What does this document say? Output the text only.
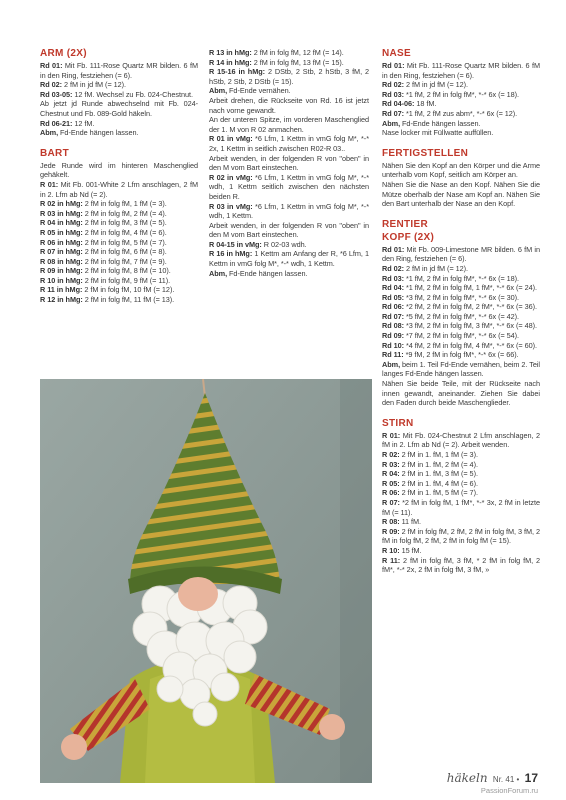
ARM (2X)

Rd 01: Mit Fb. 111-Rose Quartz MR bilden. 6 fM in den Ring, festziehen (= 6).

Rd 02: 2 fM in jd fM (= 12).

Rd 03-05: 12 fM. Wechsel zu Fb. 024-Chestnut.

Ab jetzt jd Runde abwechselnd mit Fb. 024-Chestnut und Fb. 089-Gold häkeln.

Rd 06-21: 12 fM.

Abm, Fd-Ende hängen lassen.

BART

Jede Runde wird im hinteren Maschenglied gehäkelt.

R 01: Mit Fb. 001-White 2 Lfm anschlagen, 2 fM in 2. Lfm ab Nd (= 2).

R 02 in hMg: 2 fM in folg fM, 1 fM (= 3).

R 03 in hMg: 2 fM in folg fM, 2 fM (= 4).

R 04 in hMg: 2 fM in folg fM, 3 fM (= 5).

R 05 in hMg: 2 fM in folg fM, 4 fM (= 6).

R 06 in hMg: 2 fM in folg fM, 5 fM (= 7).

R 07 in hMg: 2 fM in folg fM, 6 fM (= 8).

R 08 in hMg: 2 fM in folg fM, 7 fM (= 9).

R 09 in hMg: 2 fM in folg fM, 8 fM (= 10).

R 10 in hMg: 2 fM in folg fM, 9 fM (= 11).

R 11 in hMg: 2 fM in folg fM, 10 fM (= 12).

R 12 in hMg: 2 fM in folg fM, 11 fM (= 13).

R 13 in hMg: 2 fM in folg fM, 12 fM (= 14).

R 14 in hMg: 2 fM in folg fM, 13 fM (= 15).

R 15-16 in hMg: 2 DStb, 2 Stb, 2 hStb, 3 fM, 2 hStb, 2 Stb, 2 DStb (= 15).

Abm, Fd-Ende vernähen.

Arbeit drehen, die Rückseite von Rd. 16 ist jetzt nach vorne gewandt.

An der unteren Spitze, im vorderen Maschenglied der 1. M von R 02 anmachen.

R 01 in vMg: *6 Lfm, 1 Kettm in vmG folg M*, *-* 2x, 1 Kettm in seitlich zwischen R02-R 03..

Arbeit wenden, in der folgenden R von "oben" in den M vom Bart einstechen.

R 02 in vMg: *6 Lfm, 1 Kettm in vmG folg M*, *-* wdh, 1 Kettm seitlich zwischen den nächsten beiden R.

R 03 in vMg: *6 Lfm, 1 Kettm in vmG folg M*, *-* wdh, 1 Kettm.

Arbeit wenden, in der folgenden R von "oben" in den M vom Bart einstechen.

R 04-15 in vMg: R 02-03 wdh.

R 16 in hMg: 1 Kettm am Anfang der R, *6 Lfm, 1 Kettm in vmG folg M*, *-* wdh, 1 Kettm.

Abm, Fd-Ende hängen lassen.

NASE

Rd 01: Mit Fb. 111-Rose Quartz MR bilden. 6 fM in den Ring, festziehen (= 6).

Rd 02: 2 fM in jd fM (= 12).

Rd 03: *1 fM, 2 fM in folg fM*, *-* 6x (= 18).

Rd 04-06: 18 fM.

Rd 07: *1 fM, 2 fM zus abm*, *-* 6x (= 12).

Abm, Fd-Ende hängen lassen.

Nase locker mit Füllwatte auffüllen.

FERTIGSTELLEN

Nähen Sie den Kopf an den Körper und die Arme unterhalb vom Kopf, seitlich am Körper an.

Nähen Sie die Nase an den Kopf. Nähen Sie die Mütze oberhalb der Nase am Kopf an. Nähen Sie den Bart unterhalb der Nase an den Kopf.

RENTIER
KOPF (2X)

Rd 01: Mit Fb. 009-Limestone MR bilden. 6 fM in den Ring, festziehen (= 6).

Rd 02: 2 fM in jd fM (= 12).

Rd 03: *1 fM, 2 fM in folg fM*, *-* 6x (= 18).

Rd 04: *1 fM, 2 fM in folg fM, 1 fM*, *-* 6x (= 24).

Rd 05: *3 fM, 2 fM in folg fM*, *-* 6x (= 30).

Rd 06: *2 fM, 2 fM in folg fM, 2 fM*, *-* 6x (= 36).

Rd 07: *5 fM, 2 fM in folg fM*, *-* 6x (= 42).

Rd 08: *3 fM, 2 fM in folg fM, 3 fM*, *-* 6x (= 48).

Rd 09: *7 fM, 2 fM in folg fM*, *-* 6x (= 54).

Rd 10: *4 fM, 2 fM in folg fM, 4 fM*, *-* 6x (= 60).

Rd 11: *9 fM, 2 fM in folg fM*, *-* 6x (= 66).

Abm, beim 1. Teil Fd-Ende vernähen, beim 2. Teil langes Fd-Ende hängen lassen.

Nähen Sie beide Teile, mit der Rückseite nach innen gewandt, aneinander. Ziehen Sie dabei den Faden durch beide Maschenglieder.

STIRN

R 01: Mit Fb. 024-Chestnut 2 Lfm anschlagen, 2 fM in 2. Lfm ab Nd (= 2). Arbeit wenden.

R 02: 2 fM in 1. fM, 1 fM (= 3).

R 03: 2 fM in 1. fM, 2 fM (= 4).

R 04: 2 fM in 1. fM, 3 fM (= 5).

R 05: 2 fM in 1. fM, 4 fM (= 6).

R 06: 2 fM in 1. fM, 5 fM (= 7).

R 07: *2 fM in folg fM, 1 fM*, *-* 3x, 2 fM in letzte fM (= 11).

R 08: 11 fM.

R 09: 2 fM in folg fM, 2 fM, 2 fM in folg fM, 3 fM, 2 fM in folg fM, 2 fM, 2 fM in folg fM (= 15).

R 10: 15 fM.

R 11: 2 fM in folg fM, 3 fM, * 2 fM in folg fM, 2 fM*, *-* 2x, 2 fM in folg fM, 3 fM, »

häkeln Nr. 41 • 17
PassionForum.ru
